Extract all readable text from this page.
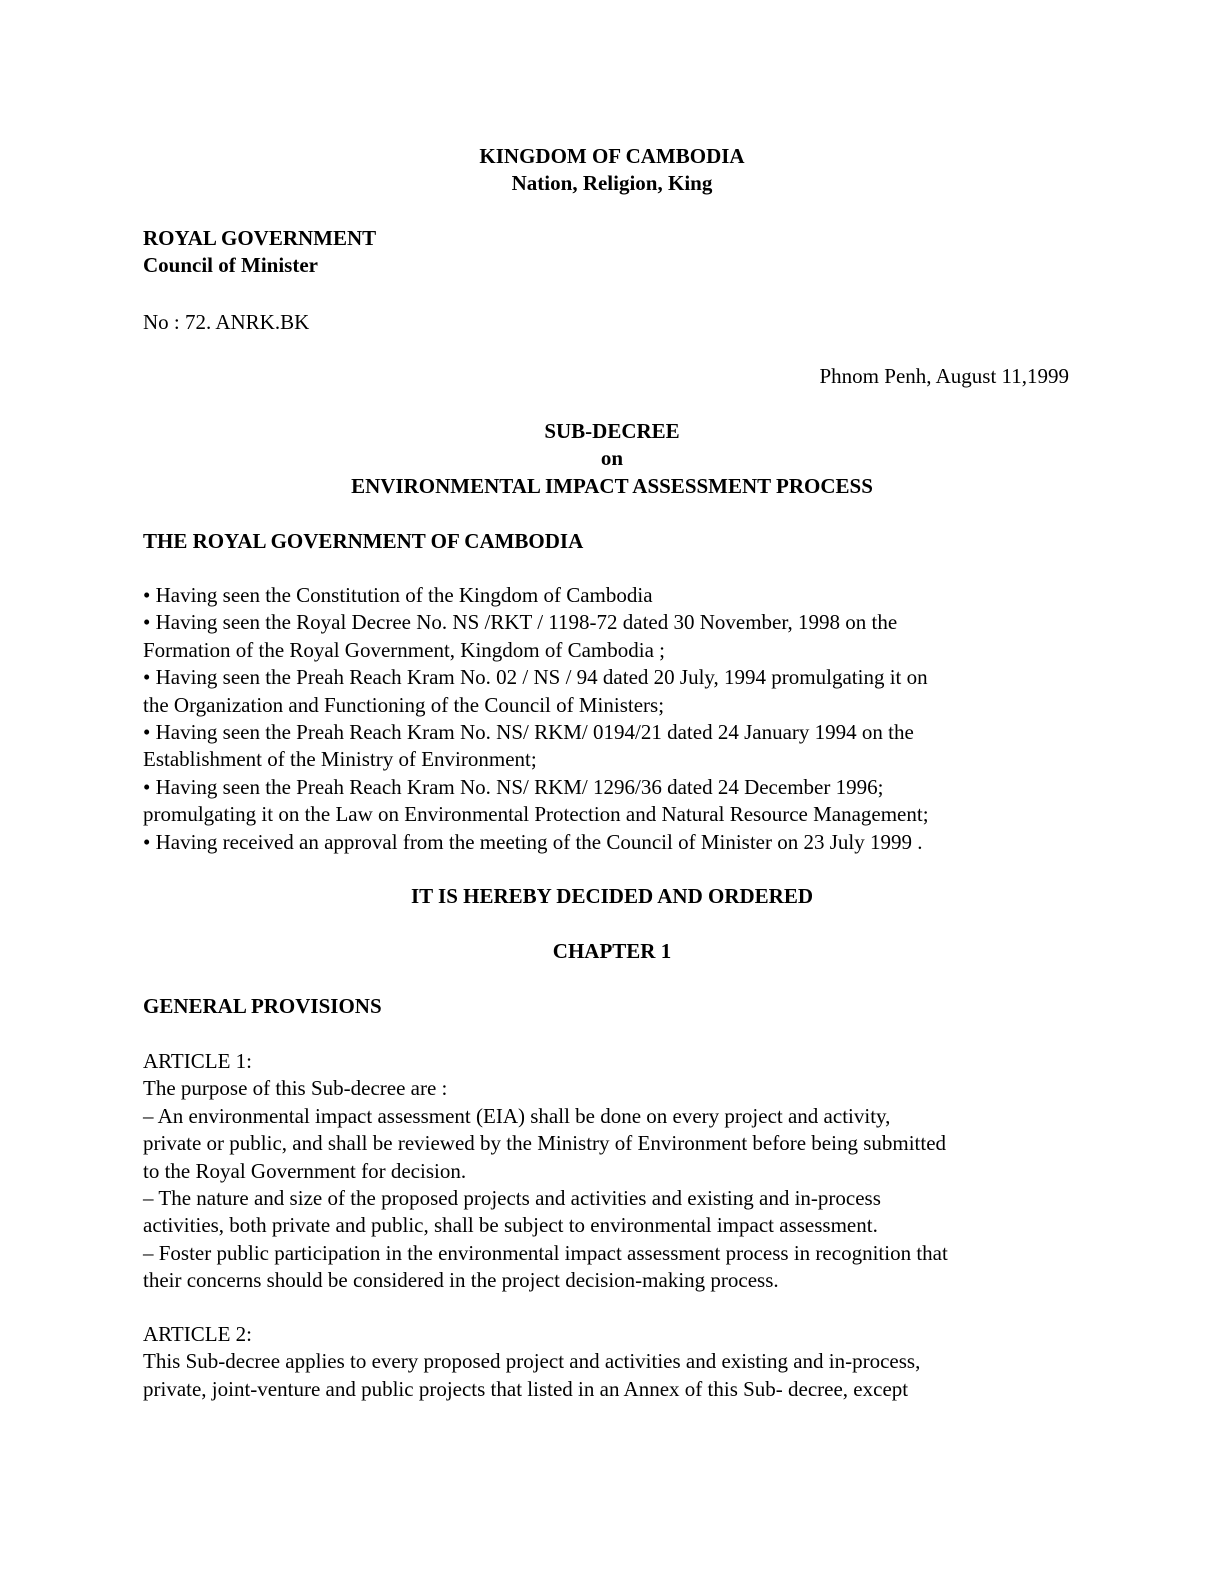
KINGDOM OF CAMBODIA
Nation, Religion, King
ROYAL GOVERNMENT
Council of Minister
No : 72. ANRK.BK
Phnom Penh, August 11,1999
SUB-DECREE
on
ENVIRONMENTAL IMPACT ASSESSMENT PROCESS
THE ROYAL GOVERNMENT OF CAMBODIA
• Having seen the Constitution of the Kingdom of Cambodia
• Having seen the Royal Decree No. NS /RKT / 1198-72 dated 30 November, 1998 on the
Formation of the Royal Government, Kingdom of Cambodia ;
• Having seen the Preah Reach Kram No. 02 / NS / 94 dated 20 July, 1994 promulgating it on
the Organization and Functioning of the Council of Ministers;
• Having seen the Preah Reach Kram No. NS/ RKM/ 0194/21 dated 24 January 1994 on the
Establishment of the Ministry of Environment;
• Having seen the Preah Reach Kram No. NS/ RKM/ 1296/36 dated 24 December 1996;
promulgating it on the Law on Environmental Protection and Natural Resource Management;
• Having received an approval from the meeting of the Council of Minister on 23 July 1999 .
IT IS HEREBY DECIDED AND ORDERED
CHAPTER 1
GENERAL PROVISIONS
ARTICLE 1:
The purpose of this Sub-decree are :
– An environmental impact assessment (EIA) shall be done on every project and activity,
private or public, and shall be reviewed by the Ministry of Environment before being submitted
to the Royal Government for decision.
– The nature and size of the proposed projects and activities and existing and in-process
activities, both private and public, shall be subject to environmental impact assessment.
– Foster public participation in the environmental impact assessment process in recognition that
their concerns should be considered in the project decision-making process.
ARTICLE 2:
This Sub-decree applies to every proposed project and activities and existing and in-process,
private, joint-venture and public projects that listed in an Annex of this Sub- decree, except
